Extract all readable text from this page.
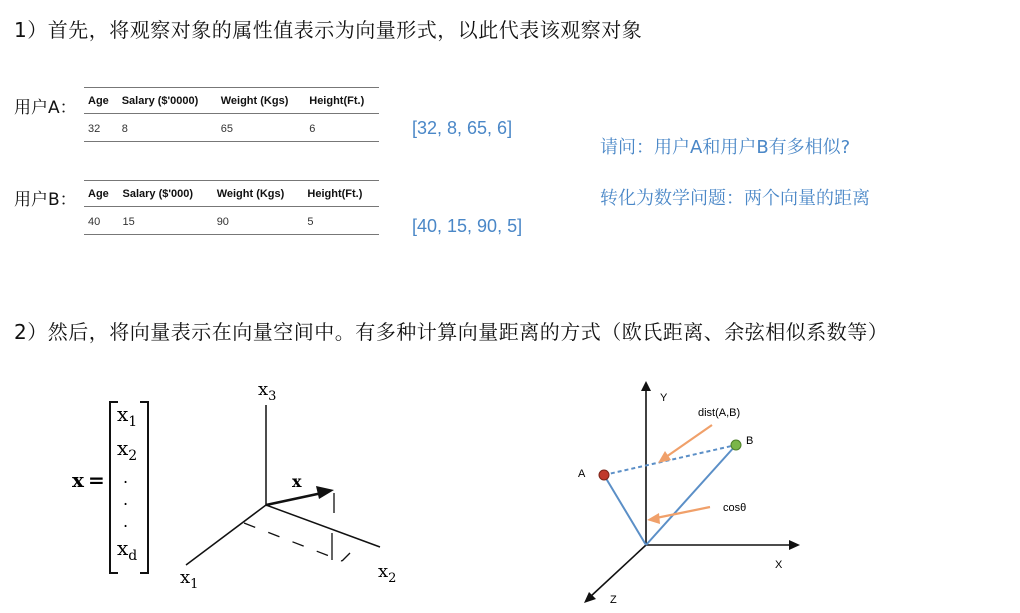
1）首先，将观察对象的属性值表示为向量形式，以此代表该观察对象
用户A： Age	Salary ($'0000)	Weight (Kgs)	Height(Ft.)
32	8	65	6	[32, 8, 65, 6]
用户B： Age	Salary ($'000)	Weight (Kgs)	Height(Ft.)
40	15	90	5	[40, 15, 90, 5]
请问：用户A和用户B有多相似?
转化为数学问题：两个向量的距离
2）然后，将向量表示在向量空间中。有多种计算向量距离的方式（欧氏距离、余弦相似系数等）
x =
$x_1$
$x_2$
.
.
.
$x_d$
$x_3$
$x_1$
$x_2$
x
Y
X
Z
A
B
dist(A,B)
cosθ
